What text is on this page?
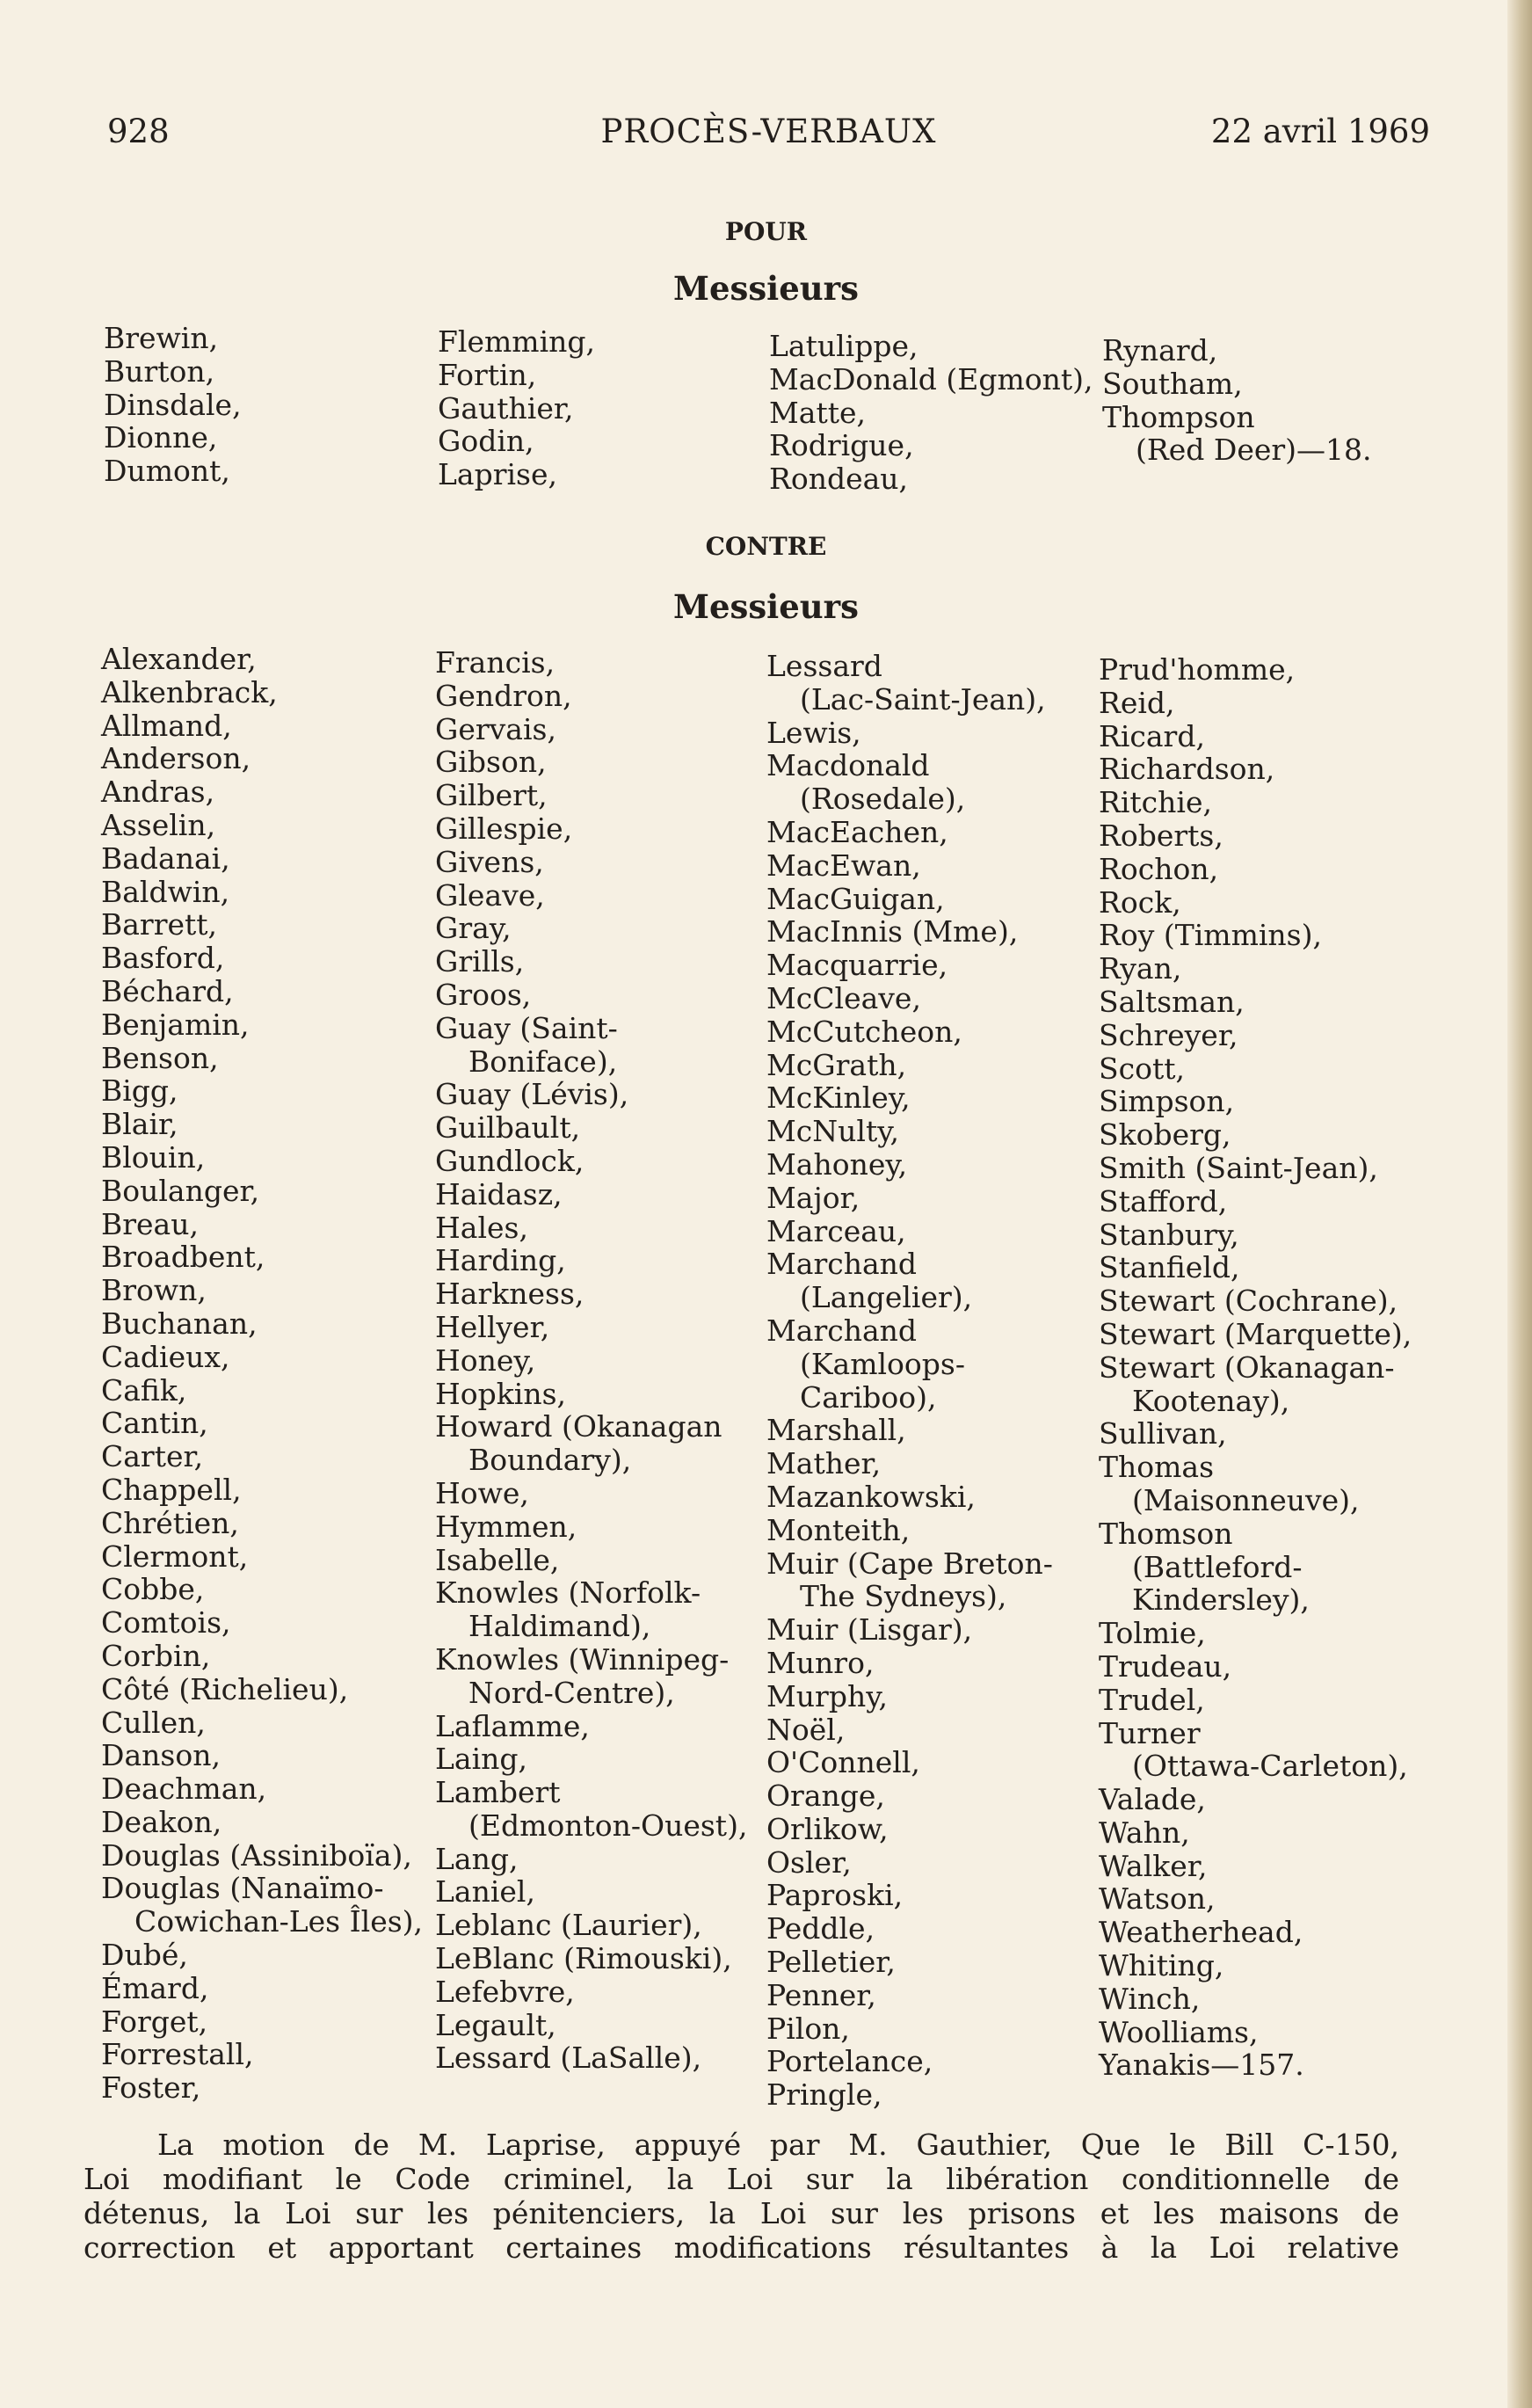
928	PROCÈS-VERBAUX	22 avril 1969
POUR
Messieurs
Brewin,
Burton,
Dinsdale,
Dionne,
Dumont,
Flemming,
Fortin,
Gauthier,
Godin,
Laprise,
Latulippe,
MacDonald (Egmont),
Matte,
Rodrigue,
Rondeau,
Rynard,
Southam,
Thompson
(Red Deer)—18.
CONTRE
Messieurs
Alexander,
Alkenbrack,
Allmand,
Anderson,
Andras,
Asselin,
Badanai,
Baldwin,
Barrett,
Basford,
Béchard,
Benjamin,
Benson,
Bigg,
Blair,
Blouin,
Boulanger,
Breau,
Broadbent,
Brown,
Buchanan,
Cadieux,
Cafik,
Cantin,
Carter,
Chappell,
Chrétien,
Clermont,
Cobbe,
Comtois,
Corbin,
Côté (Richelieu),
Cullen,
Danson,
Deachman,
Deakon,
Douglas (Assiniboïa),
Douglas (Nanaïmo-
Cowichan-Les Îles),
Dubé,
Émard,
Forget,
Forrestall,
Foster,
Francis,
Gendron,
Gervais,
Gibson,
Gilbert,
Gillespie,
Givens,
Gleave,
Gray,
Grills,
Groos,
Guay (Saint-
Boniface),
Guay (Lévis),
Guilbault,
Gundlock,
Haidasz,
Hales,
Harding,
Harkness,
Hellyer,
Honey,
Hopkins,
Howard (Okanagan
Boundary),
Howe,
Hymmen,
Isabelle,
Knowles (Norfolk-
Haldimand),
Knowles (Winnipeg-
Nord-Centre),
Laflamme,
Laing,
Lambert
(Edmonton-Ouest),
Lang,
Laniel,
Leblanc (Laurier),
LeBlanc (Rimouski),
Lefebvre,
Legault,
Lessard (LaSalle),
Lessard
(Lac-Saint-Jean),
Lewis,
Macdonald
(Rosedale),
MacEachen,
MacEwan,
MacGuigan,
MacInnis (Mme),
Macquarrie,
McCleave,
McCutcheon,
McGrath,
McKinley,
McNulty,
Mahoney,
Major,
Marceau,
Marchand
(Langelier),
Marchand
(Kamloops-
Cariboo),
Marshall,
Mather,
Mazankowski,
Monteith,
Muir (Cape Breton-
The Sydneys),
Muir (Lisgar),
Munro,
Murphy,
Noël,
O'Connell,
Orange,
Orlikow,
Osler,
Paproski,
Peddle,
Pelletier,
Penner,
Pilon,
Portelance,
Pringle,
Prud'homme,
Reid,
Ricard,
Richardson,
Ritchie,
Roberts,
Rochon,
Rock,
Roy (Timmins),
Ryan,
Saltsman,
Schreyer,
Scott,
Simpson,
Skoberg,
Smith (Saint-Jean),
Stafford,
Stanbury,
Stanfield,
Stewart (Cochrane),
Stewart (Marquette),
Stewart (Okanagan-
Kootenay),
Sullivan,
Thomas
(Maisonneuve),
Thomson
(Battleford-
Kindersley),
Tolmie,
Trudeau,
Trudel,
Turner
(Ottawa-Carleton),
Valade,
Wahn,
Walker,
Watson,
Weatherhead,
Whiting,
Winch,
Woolliams,
Yanakis—157.
La motion de M. Laprise, appuyé par M. Gauthier, Que le Bill C-150,
Loi modifiant le Code criminel, la Loi sur la libération conditionnelle de
détenus, la Loi sur les pénitenciers, la Loi sur les prisons et les maisons de
correction et apportant certaines modifications résultantes à la Loi relative
